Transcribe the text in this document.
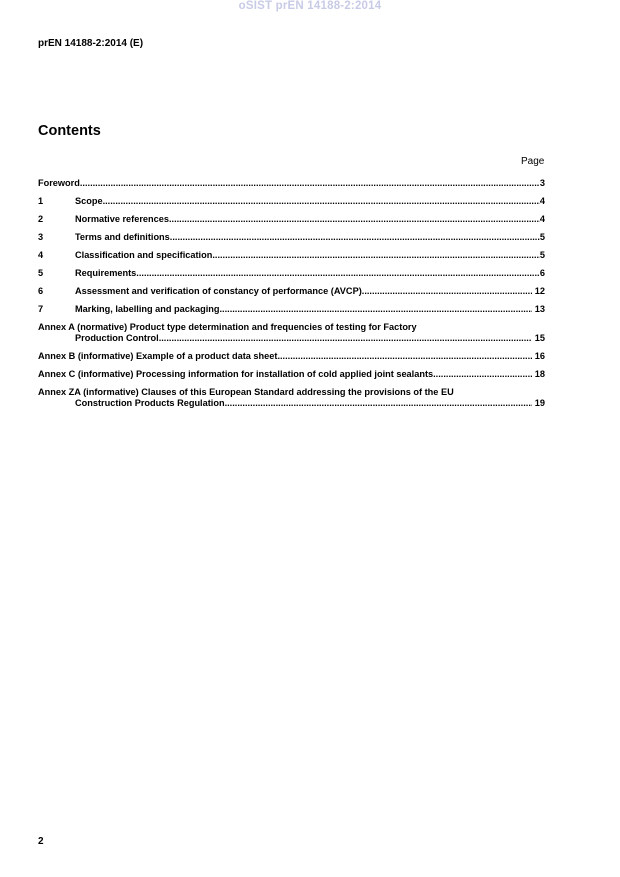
oSIST prEN 14188-2:2014
prEN 14188-2:2014 (E)
Contents
Page
Foreword .....	3
1	Scope .....	4
2	Normative references .....	4
3	Terms and definitions .....	5
4	Classification and specification .....	5
5	Requirements .....	6
6	Assessment and verification of constancy of performance (AVCP) .....	12
7	Marking, labelling and packaging .....	13
Annex A (normative) Product type determination and frequencies of testing for Factory
Production Control .....	15
Annex B (informative) Example of a product data sheet .....	16
Annex C (informative) Processing information for installation of cold applied joint sealants .....	18
Annex ZA (informative) Clauses of this European Standard addressing the provisions of the EU
Construction Products Regulation .....	19
2
